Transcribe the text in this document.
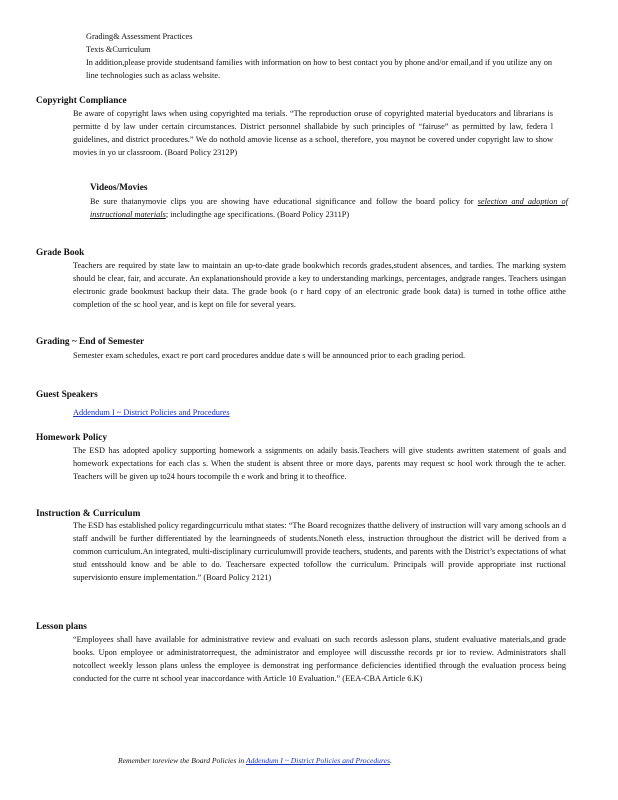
Grading& Assessment Practices
Texts &Curriculum
In addition,please provide studentsand families with information on how to best contact you by phone and/or email,and if you utilize any on line technologies such as aclass website.
Copyright Compliance
Be aware of copyright laws when using copyrighted ma terials. “The reproduction oruse of copyrighted material byeducators and librarians is permitte d by law under certain circumstances. District personnel shallabide by such principles of “fairuse” as permitted by law, federa l guidelines, and district procedures.” We do nothold amovie license as a school, therefore, you maynot be covered under copyright law to show movies in yo ur classroom. (Board Policy 2312P)
Videos/Movies
Be sure thatanymovie clips you are showing have educational significance and follow the board policy for selection and adoption of instructional materials; includingthe age specifications. (Board Policy 2311P)
Grade Book
Teachers are required by state law to maintain an up-to-date grade bookwhich records grades,student absences, and tardies. The marking system should be clear, fair, and accurate. An explanationshould provide a key to understanding markings, percentages, andgrade ranges. Teachers usingan electronic grade bookmust backup their data. The grade book (o r hard copy of an electronic grade book data) is turned in tothe office atthe completion of the sc hool year, and is kept on file for several years.
Grading ~ End of Semester
Semester exam schedules, exact re port card procedures anddue date s will be announced prior to each grading period.
Guest Speakers
Addendum I ~ District Policies and Procedures
Homework Policy
The ESD has adopted apolicy supporting homework a ssignments on adaily basis.Teachers will give students awritten statement of goals and homework expectations for each clas s. When the student is absent three or more days, parents may request sc hool work through the te acher. Teachers will be given up to24 hours tocompile th e work and bring it to theoffice.
Instruction & Curriculum
The ESD has established policy regardingcurriculu mthat states: “The Board recognizes thatthe delivery of instruction will vary among schools an d staff andwill be further differentiated by the learningneeds of students.Noneth eless, instruction throughout the district will be derived from a common curriculum.An integrated, multi-disciplinary curriculumwill provide teachers, students, and parents with the District’s expectations of what stud entsshould know and be able to do. Teachersare expected tofollow the curriculum. Principals will provide appropriate inst ructional supervisionto ensure implementation.” (Board Policy 2121)
Lesson plans
“Employees shall have available for administrative review and evaluati on such records aslesson plans, student evaluative materials,and grade books. Upon employee or administratorrequest, the administrator and employee will discussthe records pr ior to review. Administrators shall notcollect weekly lesson plans unless the employee is demonstrat ing performance deficiencies identified through the evaluation process being conducted for the curre nt school year inaccordance with Article 10 Evaluation.” (EEA-CBA Article 6.K)
Remember toreview the Board Policies in Addendum I ~ District Policies and Procedures.
